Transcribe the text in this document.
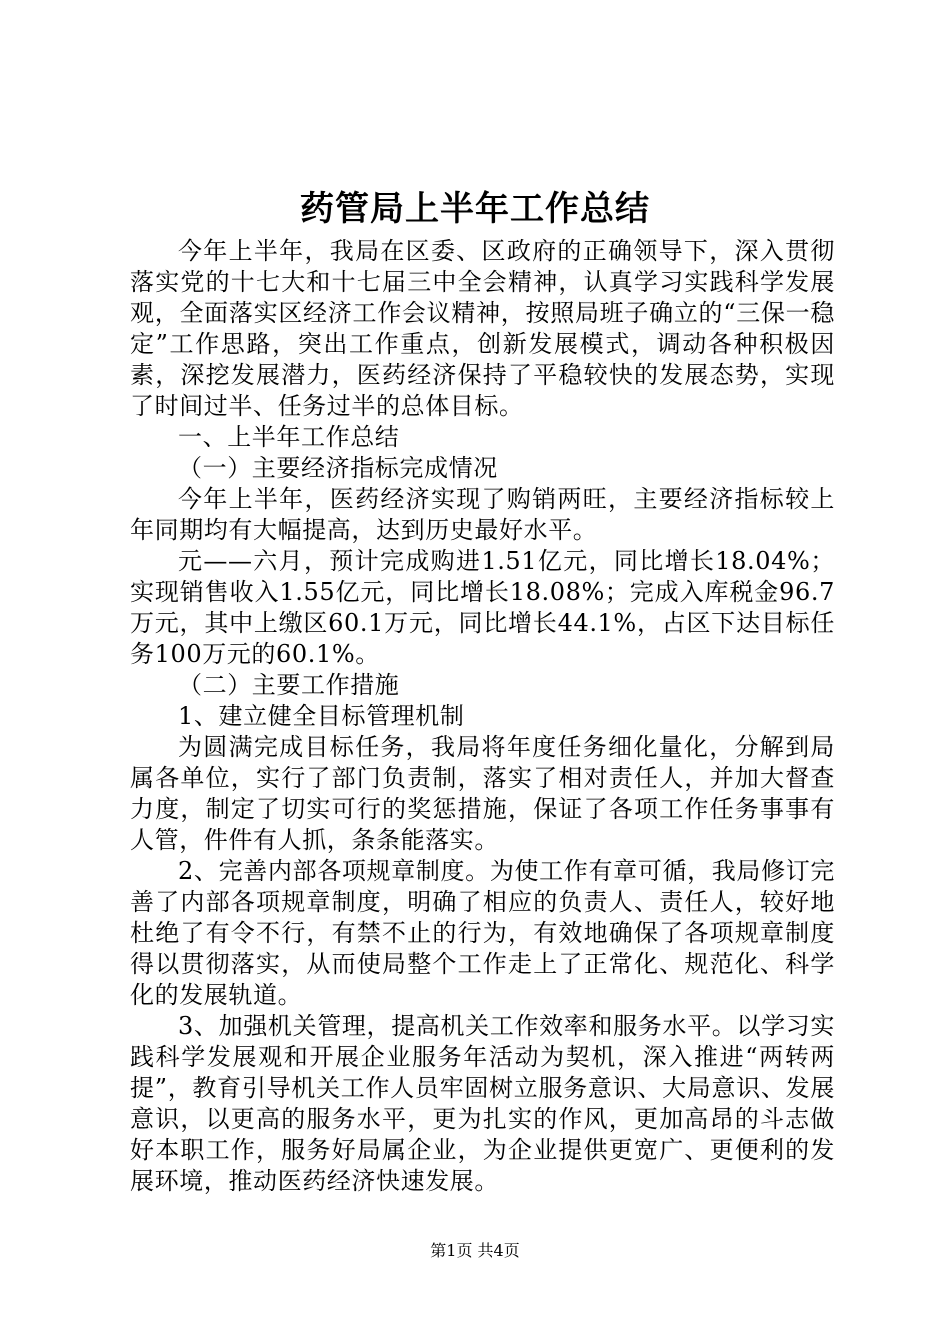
药管局上半年工作总结

今年上半年，我局在区委、区政府的正确领导下，深入贯彻落实党的十七大和十七届三中全会精神，认真学习实践科学发展观，全面落实区经济工作会议精神，按照局班子确立的“三保一稳定”工作思路，突出工作重点，创新发展模式，调动各种积极因素，深挖发展潜力，医药经济保持了平稳较快的发展态势，实现了时间过半、任务过半的总体目标。

一、上半年工作总结

（一）主要经济指标完成情况

今年上半年，医药经济实现了购销两旺，主要经济指标较上年同期均有大幅提高，达到历史最好水平。

元——六月，预计完成购进1.51亿元，同比增长18.04%；实现销售收入1.55亿元，同比增长18.08%；完成入库税金96.7万元，其中上缴区60.1万元，同比增长44.1%，占区下达目标任务100万元的60.1%。

（二）主要工作措施

1、建立健全目标管理机制

为圆满完成目标任务，我局将年度任务细化量化，分解到局属各单位，实行了部门负责制，落实了相对责任人，并加大督查力度，制定了切实可行的奖惩措施，保证了各项工作任务事事有人管，件件有人抓，条条能落实。

2、完善内部各项规章制度。为使工作有章可循，我局修订完善了内部各项规章制度，明确了相应的负责人、责任人，较好地杜绝了有令不行，有禁不止的行为，有效地确保了各项规章制度得以贯彻落实，从而使局整个工作走上了正常化、规范化、科学化的发展轨道。

3、加强机关管理，提高机关工作效率和服务水平。以学习实践科学发展观和开展企业服务年活动为契机，深入推进“两转两提”，教育引导机关工作人员牢固树立服务意识、大局意识、发展意识，以更高的服务水平，更为扎实的作风，更加高昂的斗志做好本职工作，服务好局属企业，为企业提供更宽广、更便利的发展环境，推动医药经济快速发展。

第1页 共4页
